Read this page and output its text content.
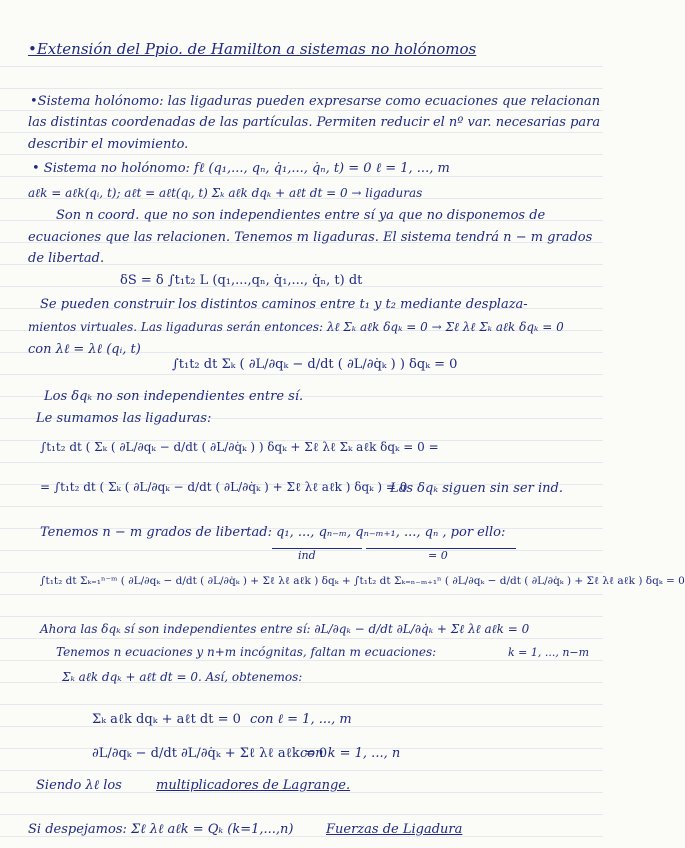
•Extensión del Ppio. de Hamilton a sistemas no holónomos
•Sistema holónomo: las ligaduras pueden expresarse como ecuaciones que relacionan
las distintas coordenadas de las partículas. Permiten reducir el nº var. necesarias para
describir el movimiento.
• Sistema no holónomo: fℓ (q₁,..., qₙ, q̇₁,..., q̇ₙ, t) = 0 ℓ = 1, ..., m
aℓk = aℓk(qᵢ, t); aℓt = aℓt(qᵢ, t) Σₖ aℓk dqₖ + aℓt dt = 0 → ligaduras
Son n coord. que no son independientes entre sí ya que no disponemos de
ecuaciones que las relacionen. Tenemos m ligaduras. El sistema tendrá n − m grados
de libertad.
δS = δ ∫t₁t₂ L (q₁,...,qₙ, q̇₁,..., q̇ₙ, t) dt
Se pueden construir los distintos caminos entre t₁ y t₂ mediante desplaza-
mientos virtuales. Las ligaduras serán entonces: λℓ Σₖ aℓk δqₖ = 0 → Σℓ λℓ Σₖ aℓk δqₖ = 0
con λℓ = λℓ (qᵢ, t)
∫t₁t₂ dt Σₖ ( ∂L/∂qₖ − d/dt ( ∂L/∂q̇ₖ ) ) δqₖ = 0
Los δqₖ no son independientes entre sí.
Le sumamos las ligaduras:
∫t₁t₂ dt ( Σₖ ( ∂L/∂qₖ − d/dt ( ∂L/∂q̇ₖ ) ) δqₖ + Σℓ λℓ Σₖ aℓk δqₖ = 0 =
= ∫t₁t₂ dt ( Σₖ ( ∂L/∂qₖ − d/dt ( ∂L/∂q̇ₖ ) + Σℓ λℓ aℓk ) δqₖ ) = 0
Las δqₖ siguen sin ser ind.
Tenemos n − m grados de libertad: q₁, ..., qₙ₋ₘ, qₙ₋ₘ₊₁, ..., qₙ , por ello:
ind	= 0
∫t₁t₂ dt Σₖ₌₁ⁿ⁻ᵐ ( ∂L/∂qₖ − d/dt ( ∂L/∂q̇ₖ ) + Σℓ λℓ aℓk ) δqₖ + ∫t₁t₂ dt Σₖ₌ₙ₋ₘ₊₁ⁿ ( ∂L/∂qₖ − d/dt ( ∂L/∂q̇ₖ ) + Σℓ λℓ aℓk ) δqₖ = 0
Ahora las δqₖ sí son independientes entre sí: ∂L/∂qₖ − d/dt ∂L/∂q̇ₖ + Σℓ λℓ aℓk = 0
Tenemos n ecuaciones y n+m incógnitas, faltan m ecuaciones:	k = 1, ..., n−m
Σₖ aℓk dqₖ + aℓt dt = 0. Así, obtenemos:
Σₖ aℓk dqₖ + aℓt dt = 0 con ℓ = 1, ..., m
∂L/∂qₖ − d/dt ∂L/∂q̇ₖ + Σℓ λℓ aℓk = 0
con k = 1, ..., n
Siendo λℓ los	multiplicadores de Lagrange.
Si despejamos: Σℓ λℓ aℓk = Qₖ (k=1,...,n)	Fuerzas de Ligadura
